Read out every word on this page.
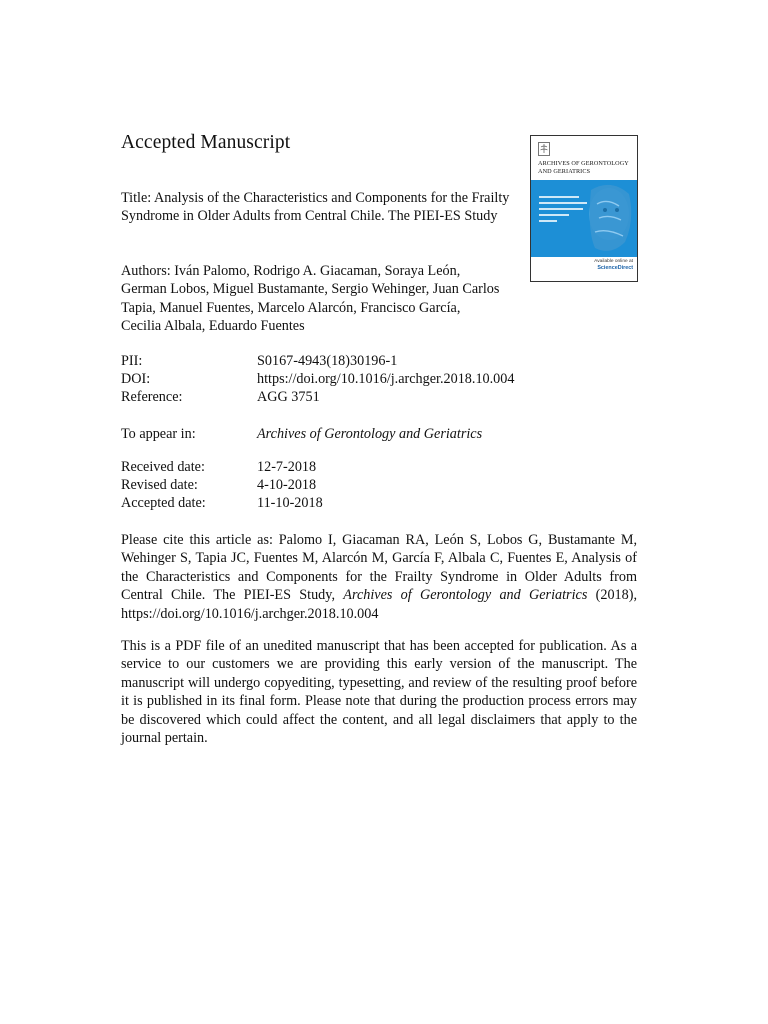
Accepted Manuscript
Title: Analysis of the Characteristics and Components for the Frailty Syndrome in Older Adults from Central Chile. The PIEI-ES Study
Authors: Iván Palomo, Rodrigo A. Giacaman, Soraya León, German Lobos, Miguel Bustamante, Sergio Wehinger, Juan Carlos Tapia, Manuel Fuentes, Marcelo Alarcón, Francisco García, Cecilia Albala, Eduardo Fuentes
PII:	S0167-4943(18)30196-1
DOI:	https://doi.org/10.1016/j.archger.2018.10.004
Reference:	AGG 3751
To appear in:	Archives of Gerontology and Geriatrics
Received date:	12-7-2018
Revised date:	4-10-2018
Accepted date:	11-10-2018
Please cite this article as: Palomo I, Giacaman RA, León S, Lobos G, Bustamante M, Wehinger S, Tapia JC, Fuentes M, Alarcón M, García F, Albala C, Fuentes E, Analysis of the Characteristics and Components for the Frailty Syndrome in Older Adults from Central Chile. The PIEI-ES Study, Archives of Gerontology and Geriatrics (2018), https://doi.org/10.1016/j.archger.2018.10.004
This is a PDF file of an unedited manuscript that has been accepted for publication. As a service to our customers we are providing this early version of the manuscript. The manuscript will undergo copyediting, typesetting, and review of the resulting proof before it is published in its final form. Please note that during the production process errors may be discovered which could affect the content, and all legal disclaimers that apply to the journal pertain.
ARCHIVES OF GERONTOLOGY
AND GERIATRICS
Available online at
ScienceDirect
